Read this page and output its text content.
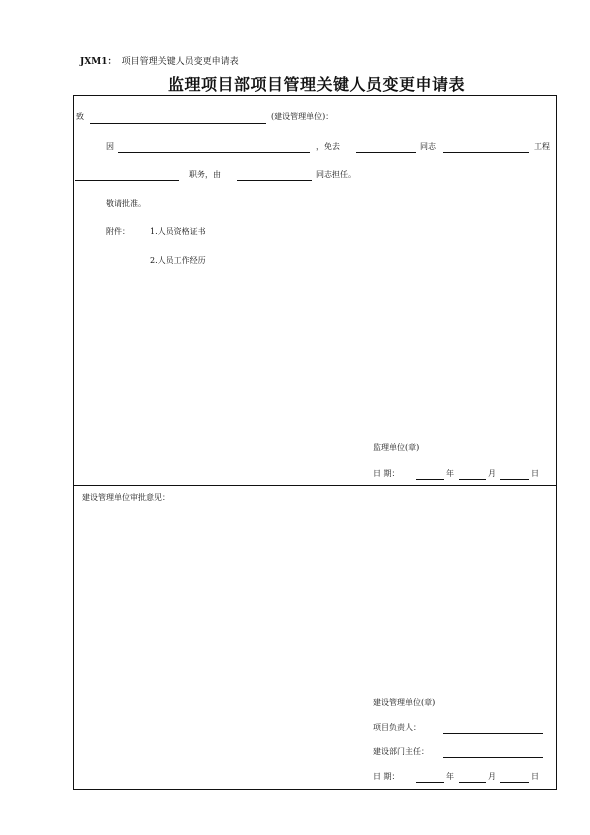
JXM1： 项目管理关键人员变更申请表
监理项目部项目管理关键人员变更申请表
致	(建设管理单位)：
因	，免去	同志	工程
职务，由	同志担任。
敬请批准。
附件：	1.人员资格证书
2.人员工作经历
监理单位(章)
日 期：	年	月	日
建设管理单位审批意见：
建设管理单位(章)
项目负责人：
建设部门主任：
日 期：	年	月	日
